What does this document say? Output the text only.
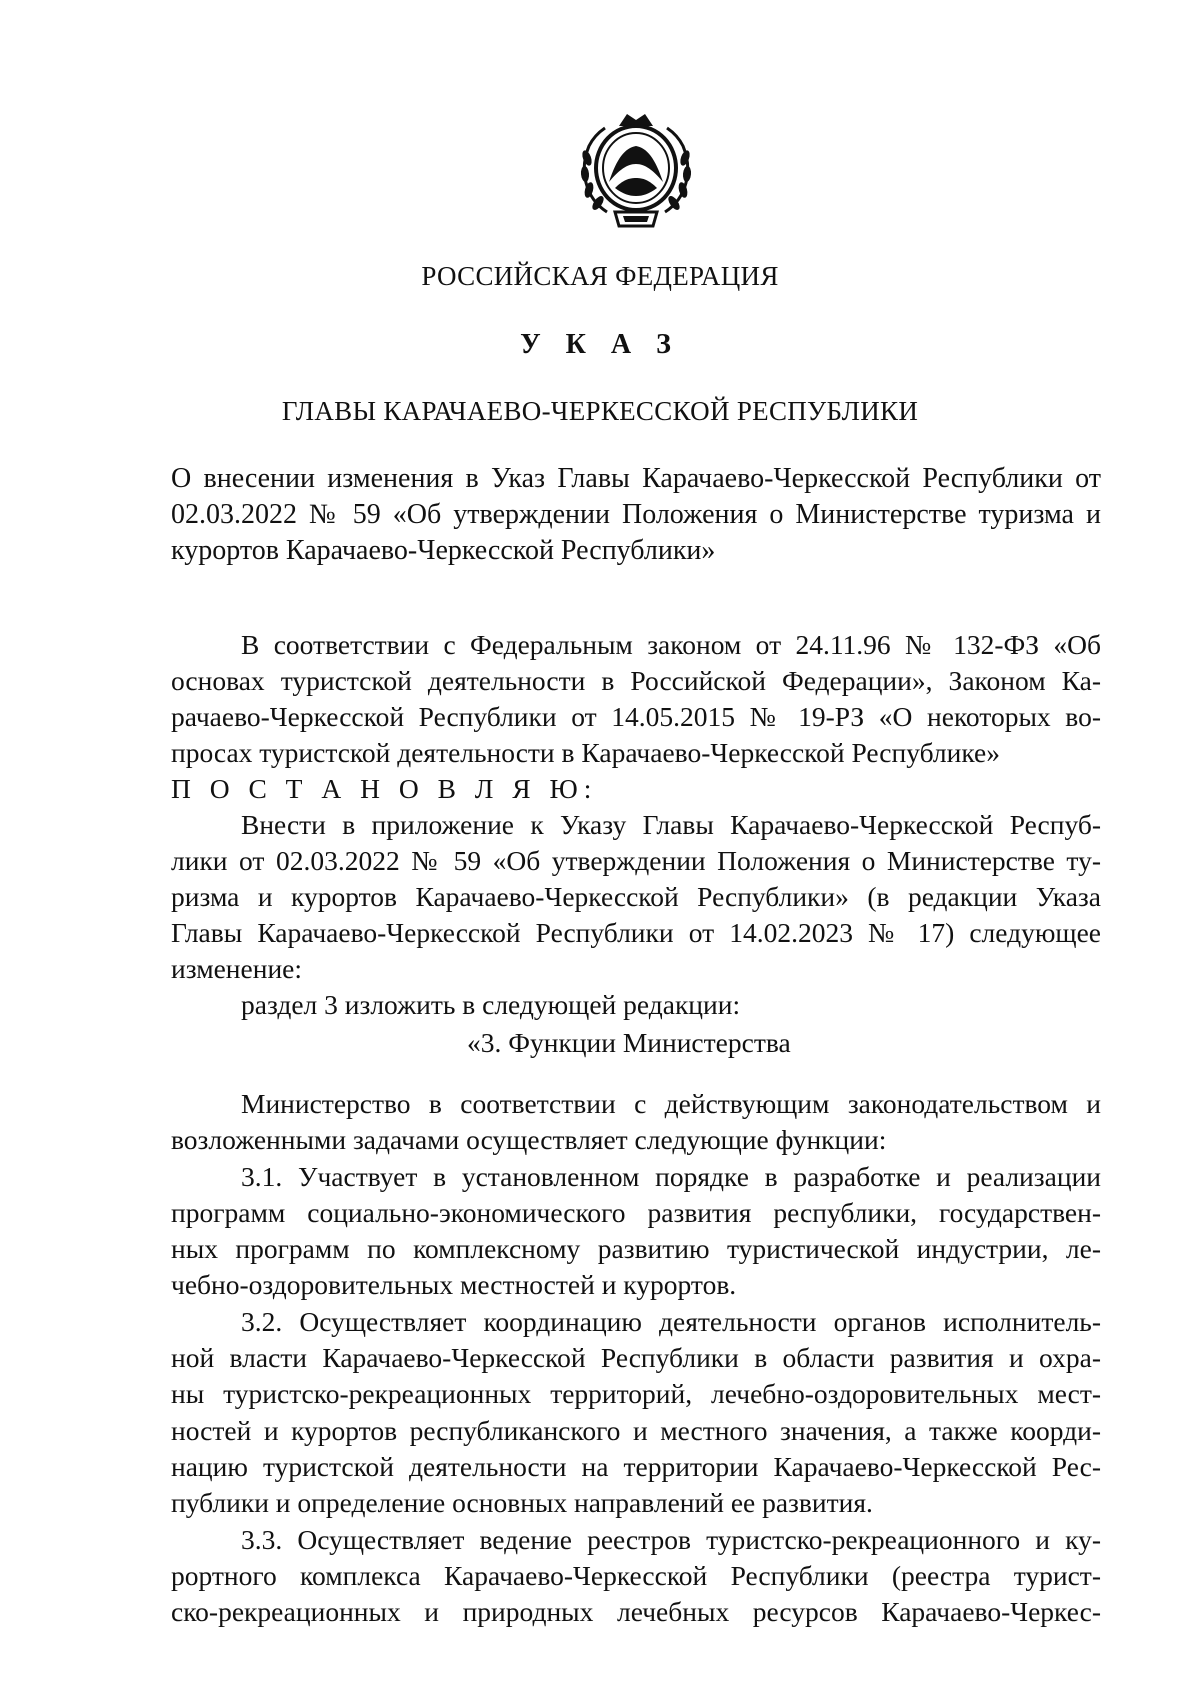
РОССИЙСКАЯ ФЕДЕРАЦИЯ
У К А З
ГЛАВЫ КАРАЧАЕВО-ЧЕРКЕССКОЙ РЕСПУБЛИКИ
О внесении изменения в Указ Главы Карачаево-Черкесской Республики от
02.03.2022 № 59 «Об утверждении Положения о Министерстве туризма и
курортов Карачаево-Черкесской Республики»
В соответствии с Федеральным законом от 24.11.96 № 132-ФЗ «Об
основах туристской деятельности в Российской Федерации», Законом Ка-
рачаево-Черкесской Республики от 14.05.2015 № 19-РЗ «О некоторых во-
просах туристской деятельности в Карачаево-Черкесской Республике»
П О С Т А Н О В Л Я Ю:
Внести в приложение к Указу Главы Карачаево-Черкесской Респуб-
лики от 02.03.2022 № 59 «Об утверждении Положения о Министерстве ту-
ризма и курортов Карачаево-Черкесской Республики» (в редакции Указа
Главы Карачаево-Черкесской Республики от 14.02.2023 № 17) следующее
изменение:
раздел 3 изложить в следующей редакции:
«3. Функции Министерства
Министерство в соответствии с действующим законодательством и
возложенными задачами осуществляет следующие функции:
3.1. Участвует в установленном порядке в разработке и реализации
программ социально-экономического развития республики, государствен-
ных программ по комплексному развитию туристической индустрии, ле-
чебно-оздоровительных местностей и курортов.
3.2. Осуществляет координацию деятельности органов исполнитель-
ной власти Карачаево-Черкесской Республики в области развития и охра-
ны туристско-рекреационных территорий, лечебно-оздоровительных мест-
ностей и курортов республиканского и местного значения, а также коорди-
нацию туристской деятельности на территории Карачаево-Черкесской Рес-
публики и определение основных направлений ее развития.
3.3. Осуществляет ведение реестров туристско-рекреационного и ку-
рортного комплекса Карачаево-Черкесской Республики (реестра турист-
ско-рекреационных и природных лечебных ресурсов Карачаево-Черкес-
